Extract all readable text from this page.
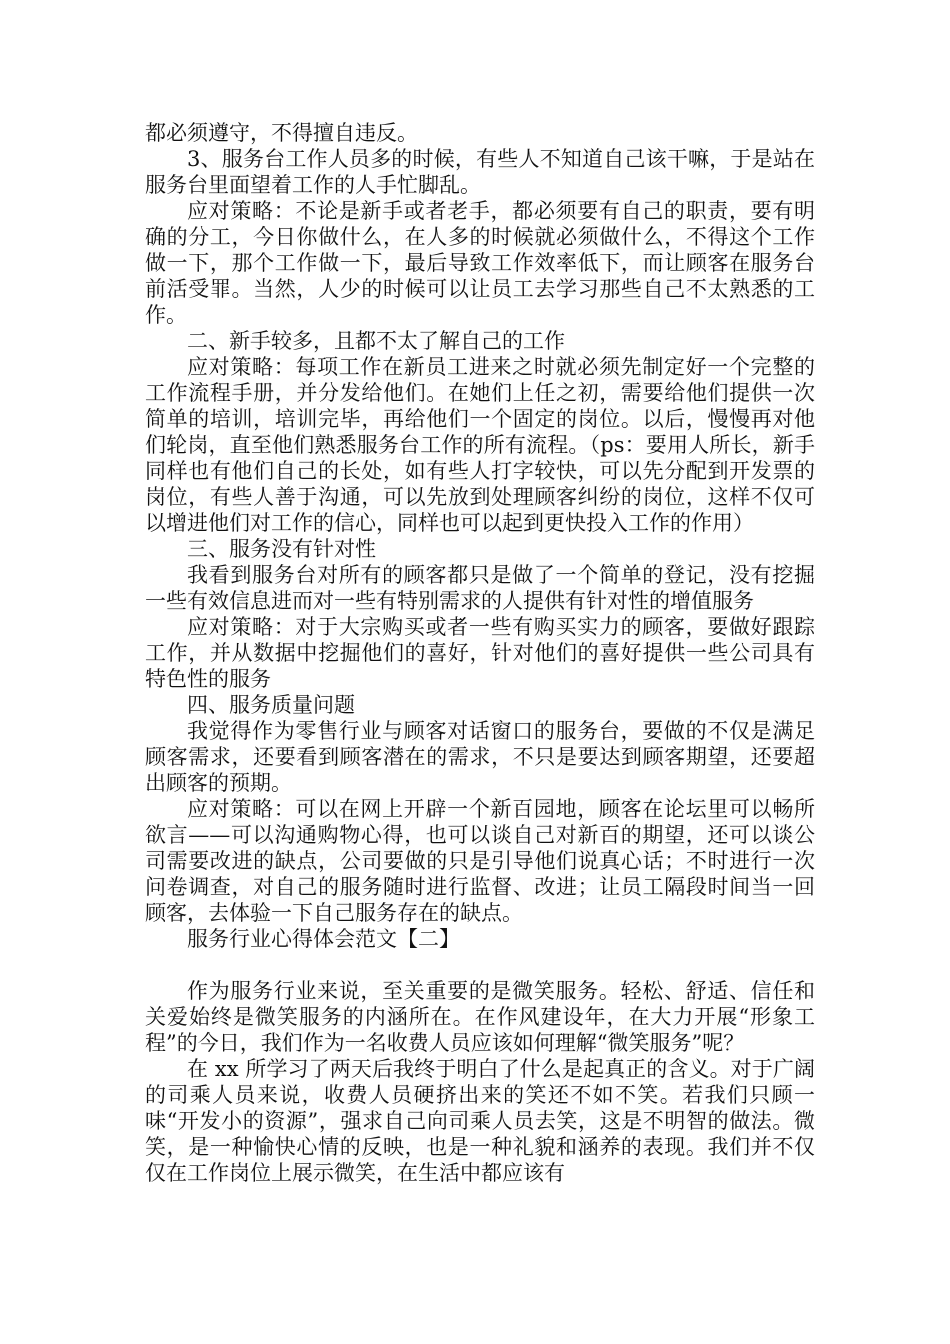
都必须遵守，不得擅自违反。

3、服务台工作人员多的时候，有些人不知道自己该干嘛，于是站在服务台里面望着工作的人手忙脚乱。

应对策略：不论是新手或者老手，都必须要有自己的职责，要有明确的分工，今日你做什么，在人多的时候就必须做什么，不得这个工作做一下，那个工作做一下，最后导致工作效率低下，而让顾客在服务台前活受罪。当然，人少的时候可以让员工去学习那些自己不太熟悉的工作。

二、新手较多，且都不太了解自己的工作

应对策略：每项工作在新员工进来之时就必须先制定好一个完整的工作流程手册，并分发给他们。在她们上任之初，需要给他们提供一次简单的培训，培训完毕，再给他们一个固定的岗位。以后，慢慢再对他们轮岗，直至他们熟悉服务台工作的所有流程。（ps：要用人所长，新手同样也有他们自己的长处，如有些人打字较快，可以先分配到开发票的岗位，有些人善于沟通，可以先放到处理顾客纠纷的岗位，这样不仅可以增进他们对工作的信心，同样也可以起到更快投入工作的作用）

三、服务没有针对性

我看到服务台对所有的顾客都只是做了一个简单的登记，没有挖掘一些有效信息进而对一些有特别需求的人提供有针对性的增值服务

应对策略：对于大宗购买或者一些有购买实力的顾客，要做好跟踪工作，并从数据中挖掘他们的喜好，针对他们的喜好提供一些公司具有特色性的服务

四、服务质量问题

我觉得作为零售行业与顾客对话窗口的服务台，要做的不仅是满足顾客需求，还要看到顾客潜在的需求，不只是要达到顾客期望，还要超出顾客的预期。

应对策略：可以在网上开辟一个新百园地，顾客在论坛里可以畅所欲言——可以沟通购物心得，也可以谈自己对新百的期望，还可以谈公司需要改进的缺点，公司要做的只是引导他们说真心话；不时进行一次问卷调查，对自己的服务随时进行监督、改进；让员工隔段时间当一回顾客，去体验一下自己服务存在的缺点。

服务行业心得体会范文【二】

作为服务行业来说，至关重要的是微笑服务。轻松、舒适、信任和关爱始终是微笑服务的内涵所在。在作风建设年，在大力开展“形象工程”的今日，我们作为一名收费人员应该如何理解“微笑服务”呢？

在 xx 所学习了两天后我终于明白了什么是起真正的含义。对于广阔的司乘人员来说，收费人员硬挤出来的笑还不如不笑。若我们只顾一味“开发小的资源”，强求自己向司乘人员去笑，这是不明智的做法。微笑，是一种愉快心情的反映，也是一种礼貌和涵养的表现。我们并不仅仅在工作岗位上展示微笑，在生活中都应该有
